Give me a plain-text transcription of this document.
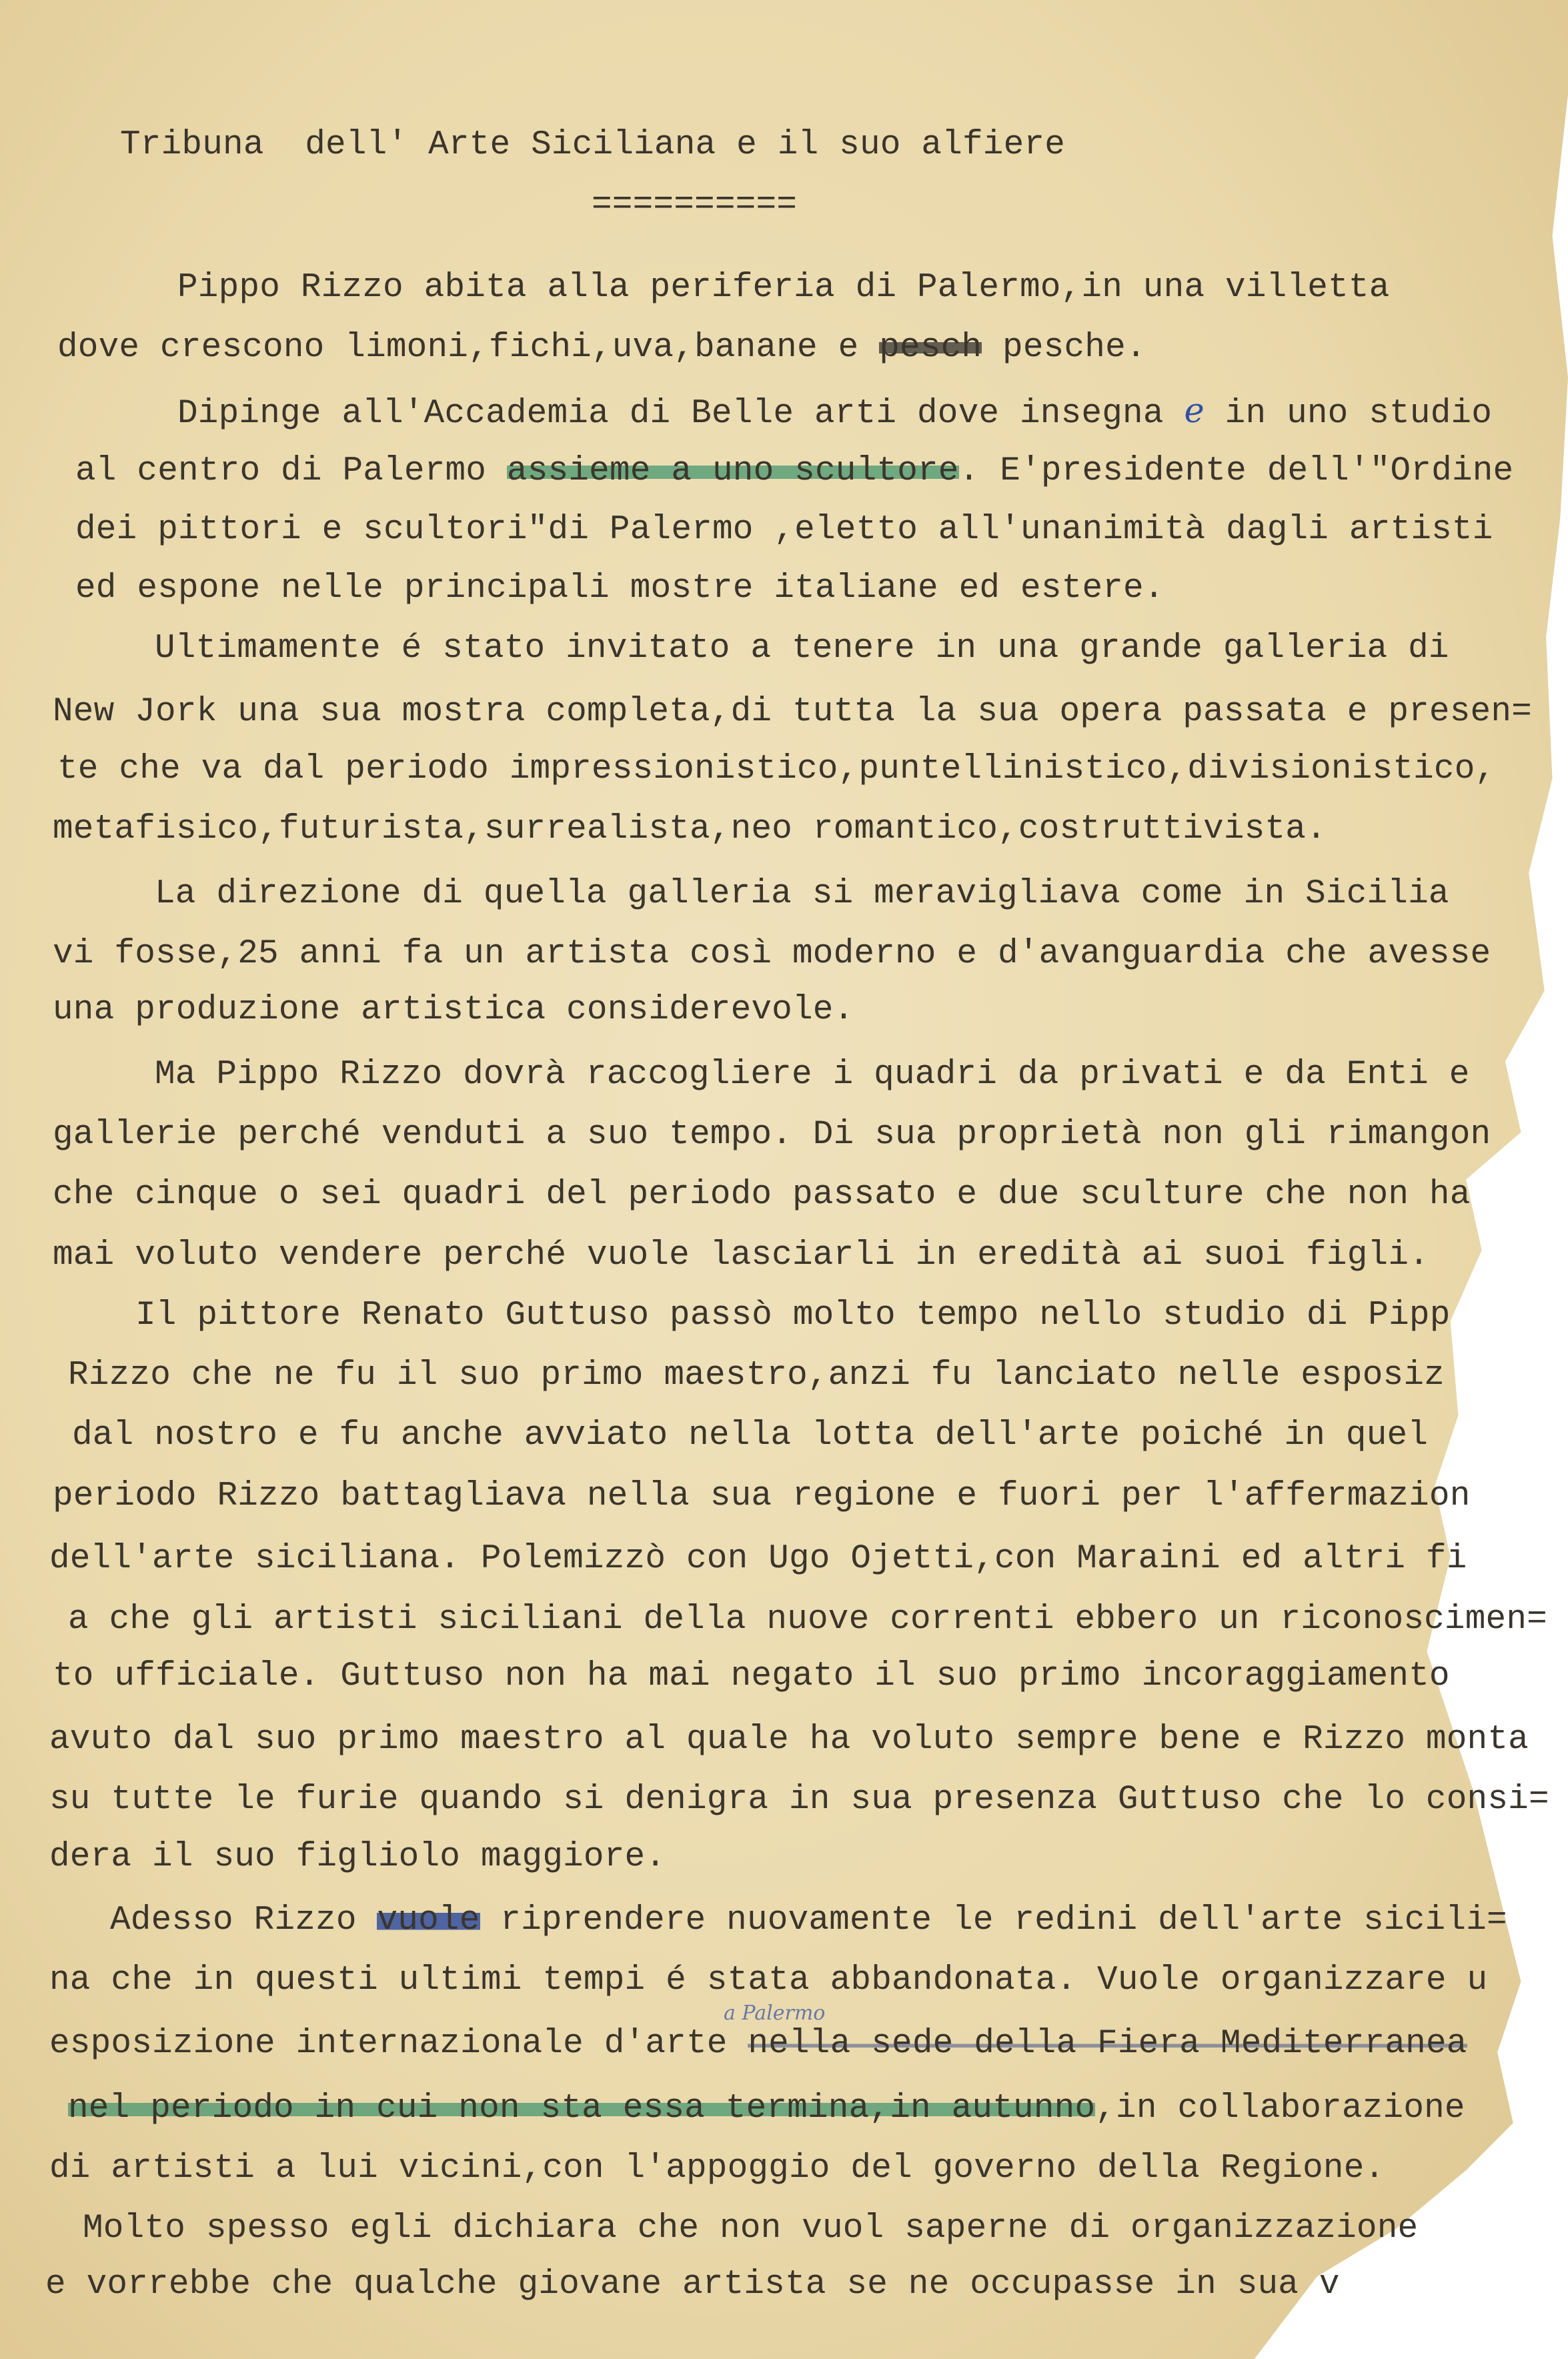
Tribuna  dell' Arte Siciliana e il suo alfiere
==========
Pippo Rizzo abita alla periferia di Palermo,in una villetta
dove crescono limoni,fichi,uva,banane e pesch pesche.
Dipinge all'Accademia di Belle arti dove insegna e in uno studio
al centro di Palermo assieme a uno scultore. E'presidente dell'"Ordine
dei pittori e scultori"di Palermo ,eletto all'unanimità dagli artisti
ed espone nelle principali mostre italiane ed estere.
Ultimamente é stato invitato a tenere in una grande galleria di
New Jork una sua mostra completa,di tutta la sua opera passata e presen=
te che va dal periodo impressionistico,puntellinistico,divisionistico,
metafisico,futurista,surrealista,neo romantico,costruttivista.
La direzione di quella galleria si meravigliava come in Sicilia
vi fosse,25 anni fa un artista così moderno e d'avanguardia che avesse
una produzione artistica considerevole.
Ma Pippo Rizzo dovrà raccogliere i quadri da privati e da Enti e
gallerie perché venduti a suo tempo. Di sua proprietà non gli rimangon
che cinque o sei quadri del periodo passato e due sculture che non ha
mai voluto vendere perché vuole lasciarli in eredità ai suoi figli.
Il pittore Renato Guttuso passò molto tempo nello studio di Pipp
Rizzo che ne fu il suo primo maestro,anzi fu lanciato nelle esposiz
dal nostro e fu anche avviato nella lotta dell'arte poiché in quel
periodo Rizzo battagliava nella sua regione e fuori per l'affermazion
dell'arte siciliana. Polemizzò con Ugo Ojetti,con Maraini ed altri fi
a che gli artisti siciliani della nuove correnti ebbero un riconoscimen=
to ufficiale. Guttuso non ha mai negato il suo primo incoraggiamento
avuto dal suo primo maestro al quale ha voluto sempre bene e Rizzo monta
su tutte le furie quando si denigra in sua presenza Guttuso che lo consi=
dera il suo figliolo maggiore.
Adesso Rizzo vuole riprendere nuovamente le redini dell'arte sicili=
na che in questi ultimi tempi é stata abbandonata. Vuole organizzare u
esposizione internazionale d'arte nella sede della Fiera Mediterranea
nel periodo in cui non sta essa termina,in autunno,in collaborazione
di artisti a lui vicini,con l'appoggio del governo della Regione.
Molto spesso egli dichiara che non vuol saperne di organizzazione
e vorrebbe che qualche giovane artista se ne occupasse in sua v
a Palermo
